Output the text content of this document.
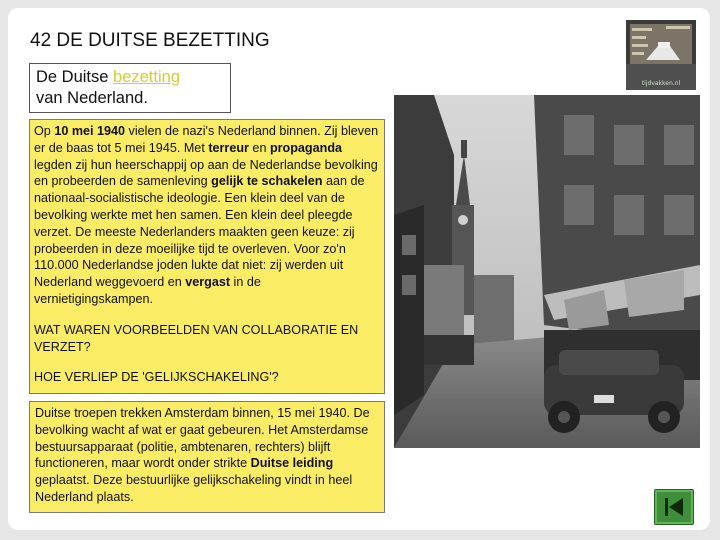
42 DE DUITSE BEZETTING
De Duitse bezetting
van Nederland.

Op 10 mei 1940 vielen de nazi's Nederland binnen. Zij bleven er de baas tot 5 mei 1945. Met terreur en propaganda legden zij hun heerschappij op aan de Nederlandse bevolking en probeerden de samenleving gelijk te schakelen aan de nationaal-socialistische ideologie. Een klein deel van de bevolking werkte met hen samen. Een klein deel pleegde verzet. De meeste Nederlanders maakten geen keuze: zij probeerden in deze moeilijke tijd te overleven. Voor zo'n 110.000 Nederlandse joden lukte dat niet: zij werden uit Nederland weggevoerd en vergast in de vernietigingskampen.

WAT WAREN VOORBEELDEN VAN COLLABORATIE EN VERZET?

HOE VERLIEP DE 'GELIJKSCHAKELING'?

Duitse troepen trekken Amsterdam binnen, 15 mei 1940. De bevolking wacht af wat er gaat gebeuren. Het Amsterdamse bestuursapparaat (politie, ambtenaren, rechters) blijft functioneren, maar wordt onder strikte Duitse leiding geplaatst. Deze bestuurlijke gelijkschakeling vindt in heel Nederland plaats.

tijdvakken.nl
